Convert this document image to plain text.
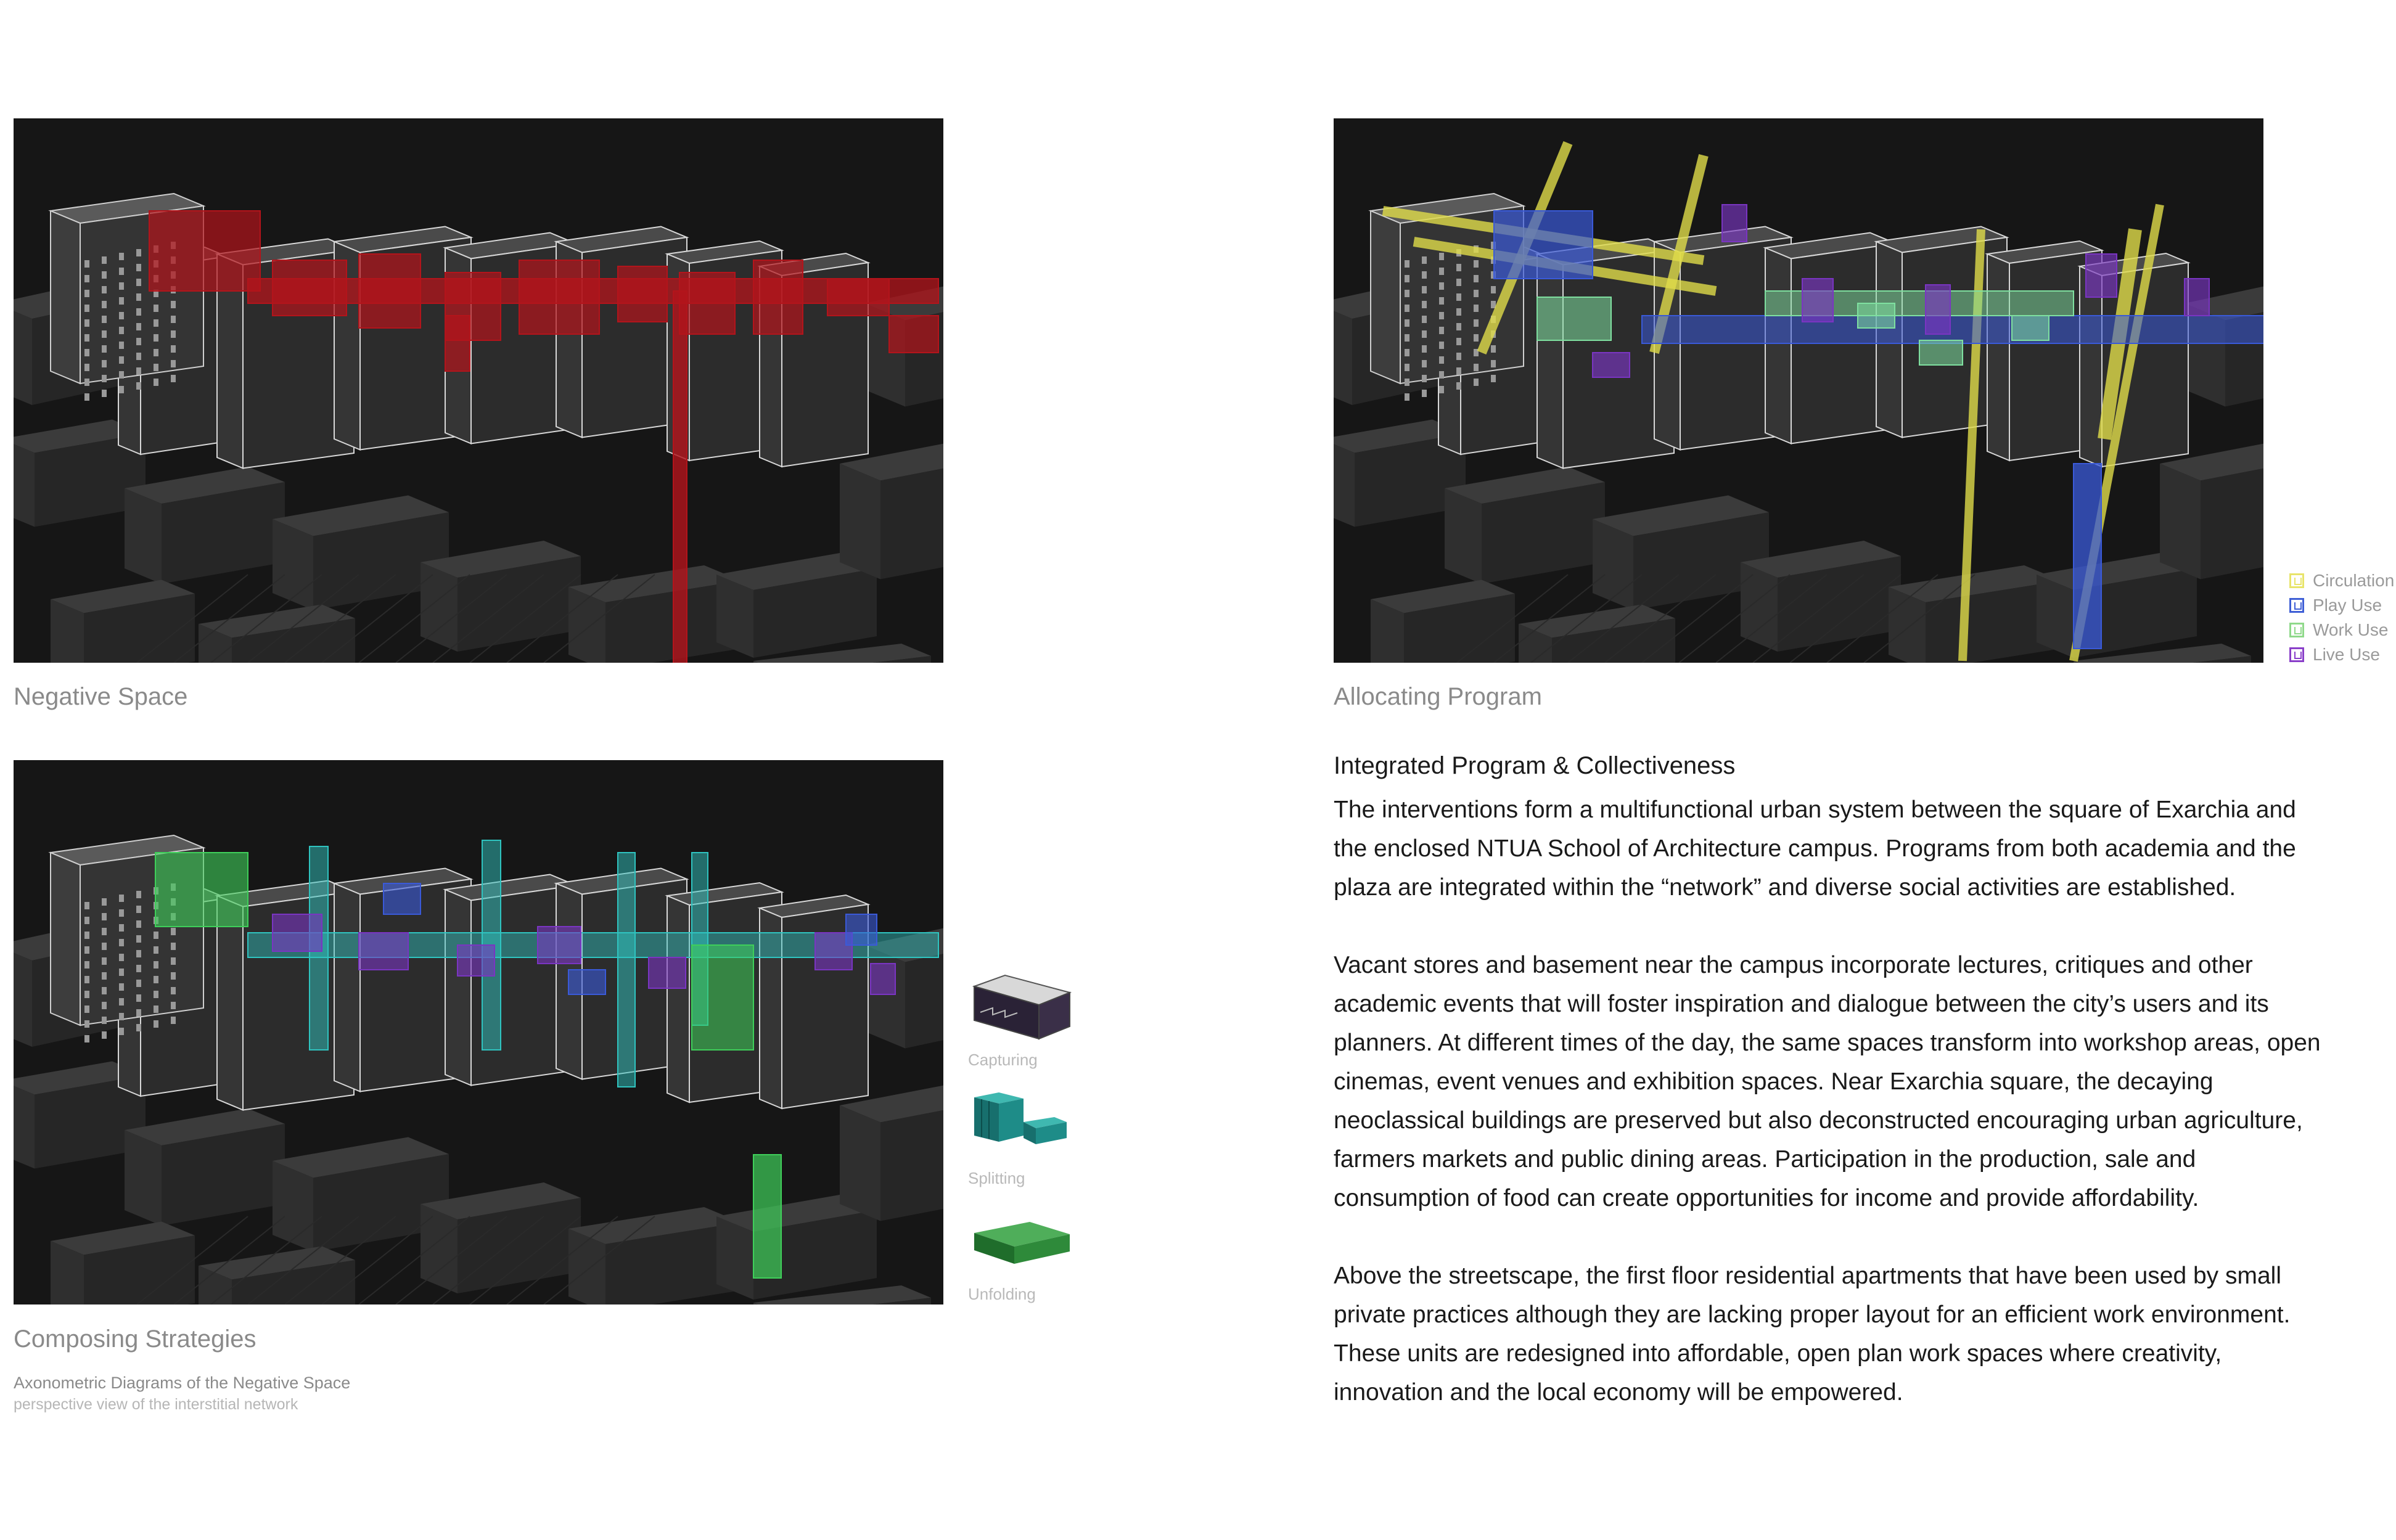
Negative Space	Allocating Program
Circulation
Play Use
Work Use
Live Use
Composing Strategies
Axonometric Diagrams of the Negative Space
perspective view of the interstitial network
Capturing
Splitting
Unfolding
Integrated Program & Collectiveness

The interventions form a multifunctional urban system between the square of Exarchia and the enclosed NTUA School of Architecture campus. Programs from both academia and the plaza are integrated within the “network” and diverse social activities are established.

Vacant stores and basement near the campus incorporate lectures, critiques and other academic events that will foster inspiration and dialogue between the city’s users and its planners. At different times of the day, the same spaces transform into workshop areas, open cinemas, event venues and exhibition spaces. Near Exarchia square, the decaying neoclassical buildings are preserved but also deconstructed encouraging urban agriculture, farmers markets and public dining areas. Participation in the production, sale and consumption of food can create opportunities for income and provide affordability.

Above the streetscape, the first floor residential apartments that have been used by small private practices although they are lacking proper layout for an efficient work environment. These units are redesigned into affordable, open plan work spaces where creativity, innovation and the local economy will be empowered.
